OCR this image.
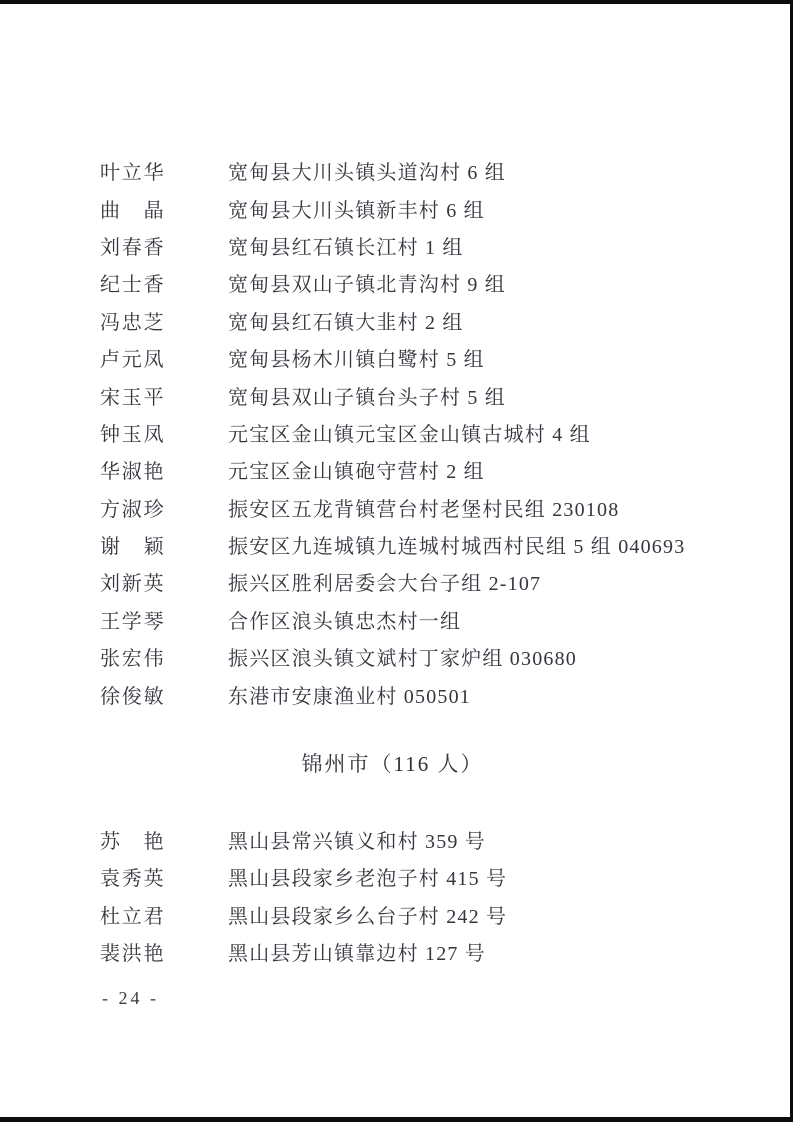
叶立华	宽甸县大川头镇头道沟村 6 组
曲　晶	宽甸县大川头镇新丰村 6 组
刘春香	宽甸县红石镇长江村 1 组
纪士香	宽甸县双山子镇北青沟村 9 组
冯忠芝	宽甸县红石镇大韭村 2 组
卢元凤	宽甸县杨木川镇白鹭村 5 组
宋玉平	宽甸县双山子镇台头子村 5 组
钟玉凤	元宝区金山镇元宝区金山镇古城村 4 组
华淑艳	元宝区金山镇砲守营村 2 组
方淑珍	振安区五龙背镇营台村老堡村民组 230108
谢　颖	振安区九连城镇九连城村城西村民组 5 组 040693
刘新英	振兴区胜利居委会大台子组 2-107
王学琴	合作区浪头镇忠杰村一组
张宏伟	振兴区浪头镇文斌村丁家炉组 030680
徐俊敏	东港市安康渔业村 050501
锦州市（116 人）
苏　艳	黑山县常兴镇义和村 359 号
袁秀英	黑山县段家乡老泡子村 415 号
杜立君	黑山县段家乡么台子村 242 号
裴洪艳	黑山县芳山镇靠边村 127 号
- 24 -
